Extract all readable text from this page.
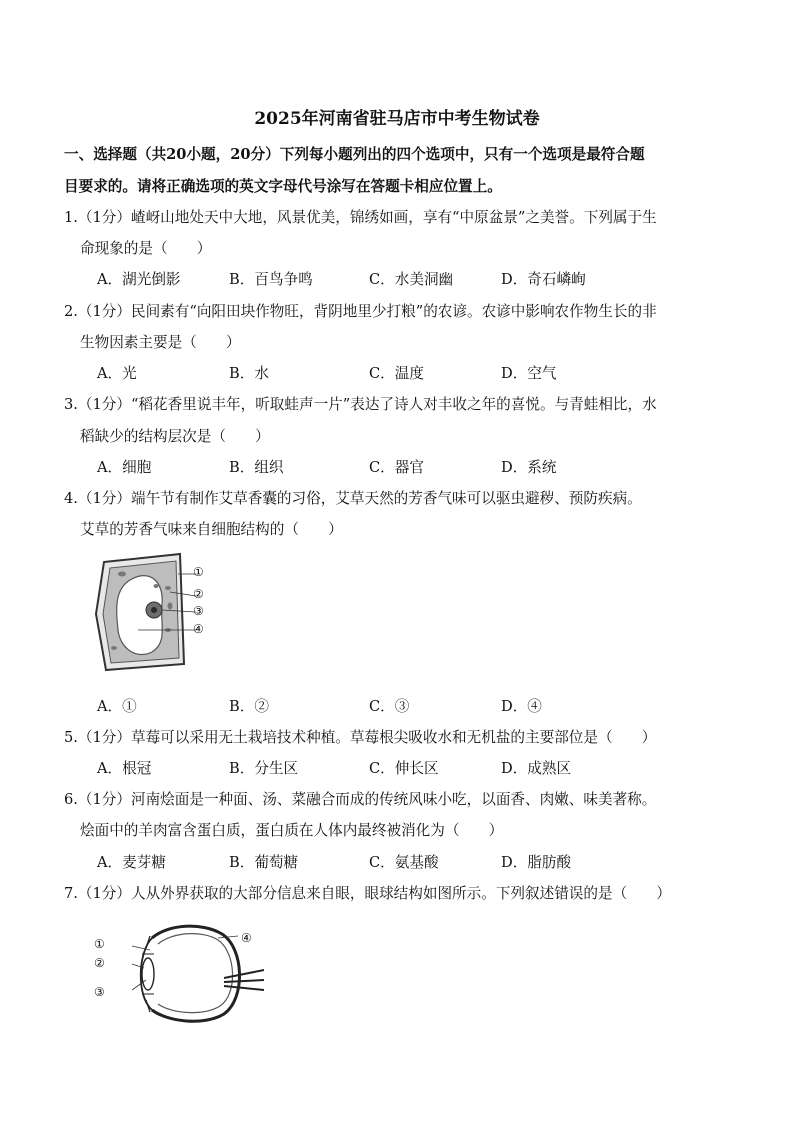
2025年河南省驻马店市中考生物试卷
一、选择题（共20小题，20分）下列每小题列出的四个选项中，只有一个选项是最符合题
目要求的。请将正确选项的英文字母代号涂写在答题卡相应位置上。
1.（1分）嵖岈山地处天中大地，风景优美，锦绣如画，享有“中原盆景”之美誉。下列属于生
命现象的是（　　）
A．湖光倒影	B．百鸟争鸣	C．水美洞幽	D．奇石嶙峋
2.（1分）民间素有“向阳田块作物旺，背阴地里少打粮”的农谚。农谚中影响农作物生长的非
生物因素主要是（　　）
A．光	B．水	C．温度	D．空气
3.（1分）“稻花香里说丰年，听取蛙声一片”表达了诗人对丰收之年的喜悦。与青蛙相比，水
稻缺少的结构层次是（　　）
A．细胞	B．组织	C．器官	D．系统
4.（1分）端午节有制作艾草香囊的习俗，艾草天然的芳香气味可以驱虫避秽、预防疾病。
艾草的芳香气味来自细胞结构的（　　）
①
②
③
④
A．①	B．②	C．③	D．④
5.（1分）草莓可以采用无土栽培技术种植。草莓根尖吸收水和无机盐的主要部位是（　　）
A．根冠	B．分生区	C．伸长区	D．成熟区
6.（1分）河南烩面是一种面、汤、菜融合而成的传统风味小吃，以面香、肉嫩、味美著称。
烩面中的羊肉富含蛋白质，蛋白质在人体内最终被消化为（　　）
A．麦芽糖	B．葡萄糖	C．氨基酸	D．脂肪酸
7.（1分）人从外界获取的大部分信息来自眼，眼球结构如图所示。下列叙述错误的是（　　）
①
②
③
④
